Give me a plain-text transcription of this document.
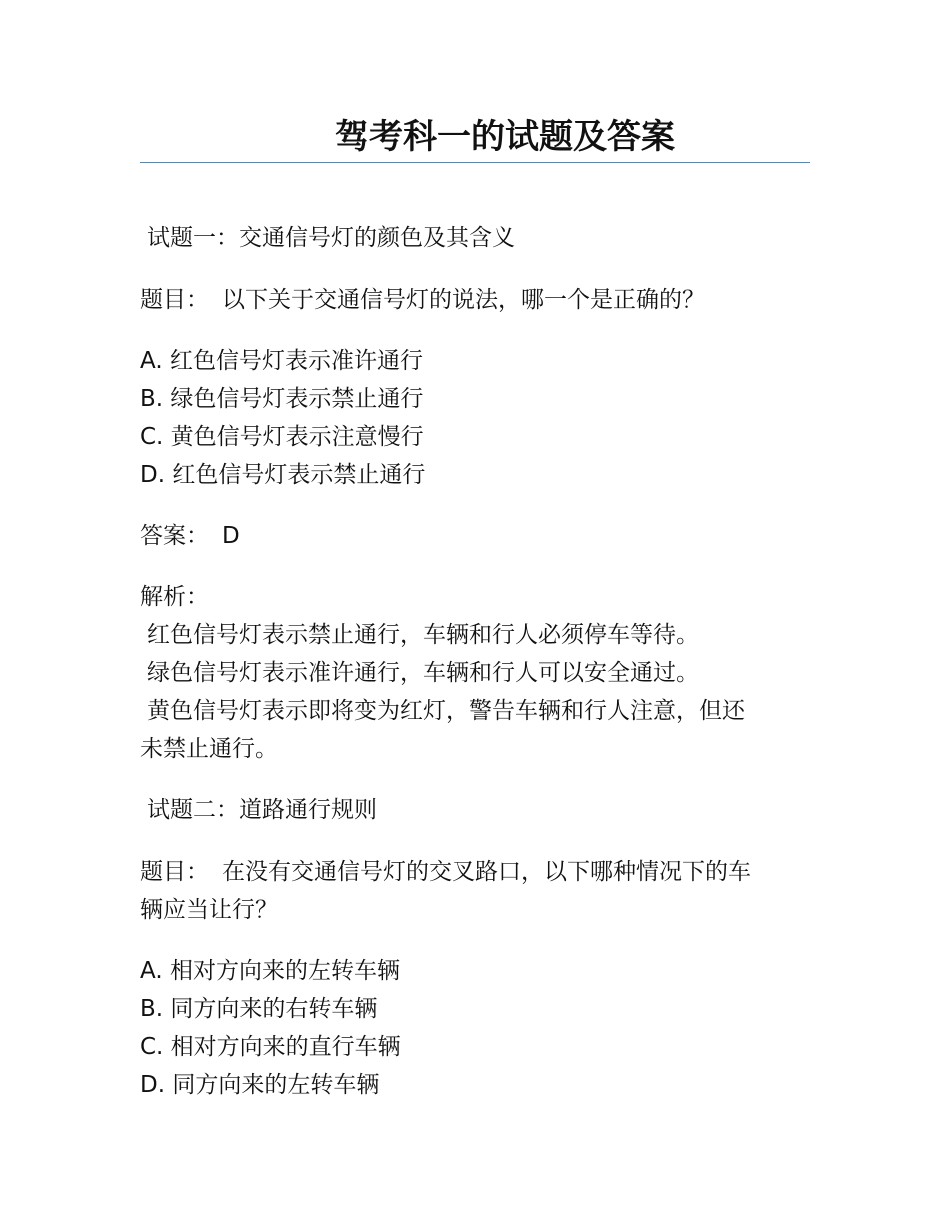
驾考科一的试题及答案
试题一：交通信号灯的颜色及其含义
题目： 以下关于交通信号灯的说法，哪一个是正确的？
A. 红色信号灯表示准许通行
B. 绿色信号灯表示禁止通行
C. 黄色信号灯表示注意慢行
D. 红色信号灯表示禁止通行
答案： D
解析：
红色信号灯表示禁止通行，车辆和行人必须停车等待。
绿色信号灯表示准许通行，车辆和行人可以安全通过。
黄色信号灯表示即将变为红灯，警告车辆和行人注意，但还
未禁止通行。
试题二：道路通行规则
题目： 在没有交通信号灯的交叉路口，以下哪种情况下的车
辆应当让行？
A. 相对方向来的左转车辆
B. 同方向来的右转车辆
C. 相对方向来的直行车辆
D. 同方向来的左转车辆
